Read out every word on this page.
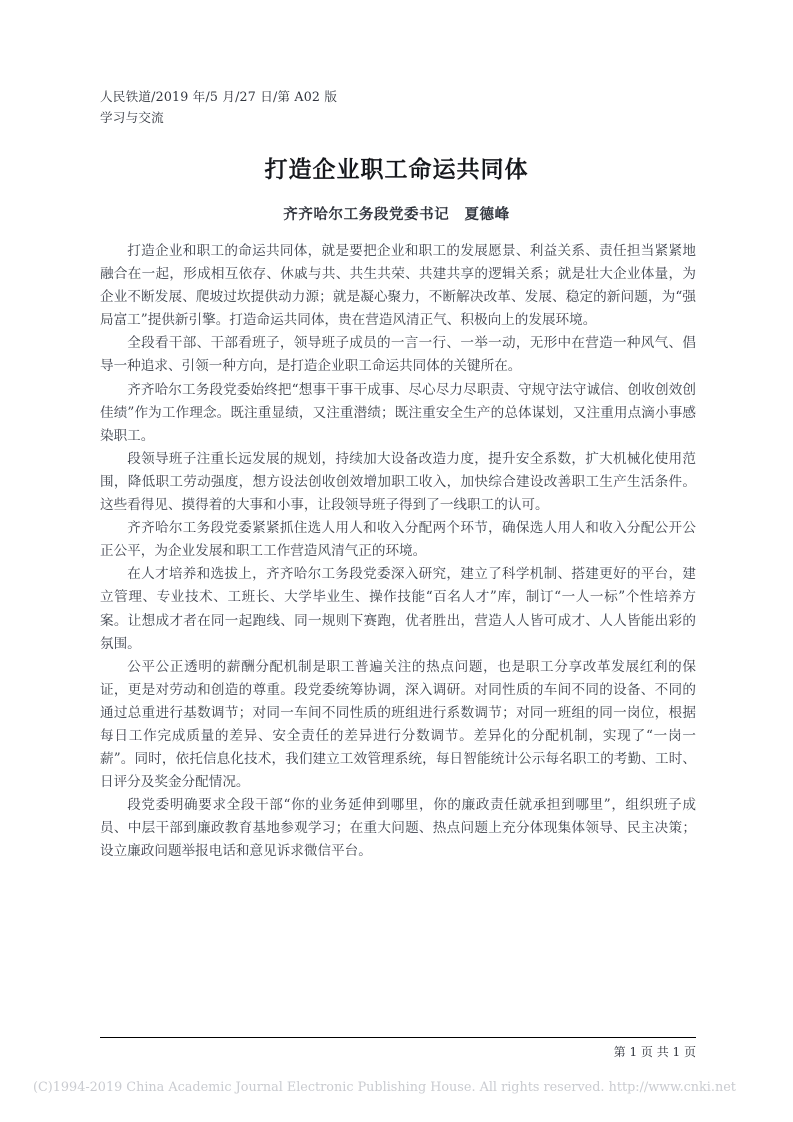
人民铁道/2019 年/5 月/27 日/第 A02 版
学习与交流
打造企业职工命运共同体
齐齐哈尔工务段党委书记　夏德峰

打造企业和职工的命运共同体，就是要把企业和职工的发展愿景、利益关系、责任担当紧紧地融合在一起，形成相互依存、休戚与共、共生共荣、共建共享的逻辑关系；就是壮大企业体量，为企业不断发展、爬坡过坎提供动力源；就是凝心聚力，不断解决改革、发展、稳定的新问题，为“强局富工”提供新引擎。打造命运共同体，贵在营造风清正气、积极向上的发展环境。

全段看干部、干部看班子，领导班子成员的一言一行、一举一动，无形中在营造一种风气、倡导一种追求、引领一种方向，是打造企业职工命运共同体的关键所在。

齐齐哈尔工务段党委始终把“想事干事干成事、尽心尽力尽职责、守规守法守诚信、创收创效创佳绩”作为工作理念。既注重显绩，又注重潜绩；既注重安全生产的总体谋划，又注重用点滴小事感染职工。

段领导班子注重长远发展的规划，持续加大设备改造力度，提升安全系数，扩大机械化使用范围，降低职工劳动强度，想方设法创收创效增加职工收入，加快综合建设改善职工生产生活条件。这些看得见、摸得着的大事和小事，让段领导班子得到了一线职工的认可。

齐齐哈尔工务段党委紧紧抓住选人用人和收入分配两个环节，确保选人用人和收入分配公开公正公平，为企业发展和职工工作营造风清气正的环境。

在人才培养和选拔上，齐齐哈尔工务段党委深入研究，建立了科学机制、搭建更好的平台，建立管理、专业技术、工班长、大学毕业生、操作技能“百名人才”库，制订“一人一标”个性培养方案。让想成才者在同一起跑线、同一规则下赛跑，优者胜出，营造人人皆可成才、人人皆能出彩的氛围。

公平公正透明的薪酬分配机制是职工普遍关注的热点问题，也是职工分享改革发展红利的保证，更是对劳动和创造的尊重。段党委统筹协调，深入调研。对同性质的车间不同的设备、不同的通过总重进行基数调节；对同一车间不同性质的班组进行系数调节；对同一班组的同一岗位，根据每日工作完成质量的差异、安全责任的差异进行分数调节。差异化的分配机制，实现了“一岗一薪”。同时，依托信息化技术，我们建立工效管理系统，每日智能统计公示每名职工的考勤、工时、日评分及奖金分配情况。

段党委明确要求全段干部“你的业务延伸到哪里，你的廉政责任就承担到哪里”，组织班子成员、中层干部到廉政教育基地参观学习；在重大问题、热点问题上充分体现集体领导、民主决策；设立廉政问题举报电话和意见诉求微信平台。

第 1 页 共 1 页
(C)1994-2019 China Academic Journal Electronic Publishing House. All rights reserved. http://www.cnki.net
